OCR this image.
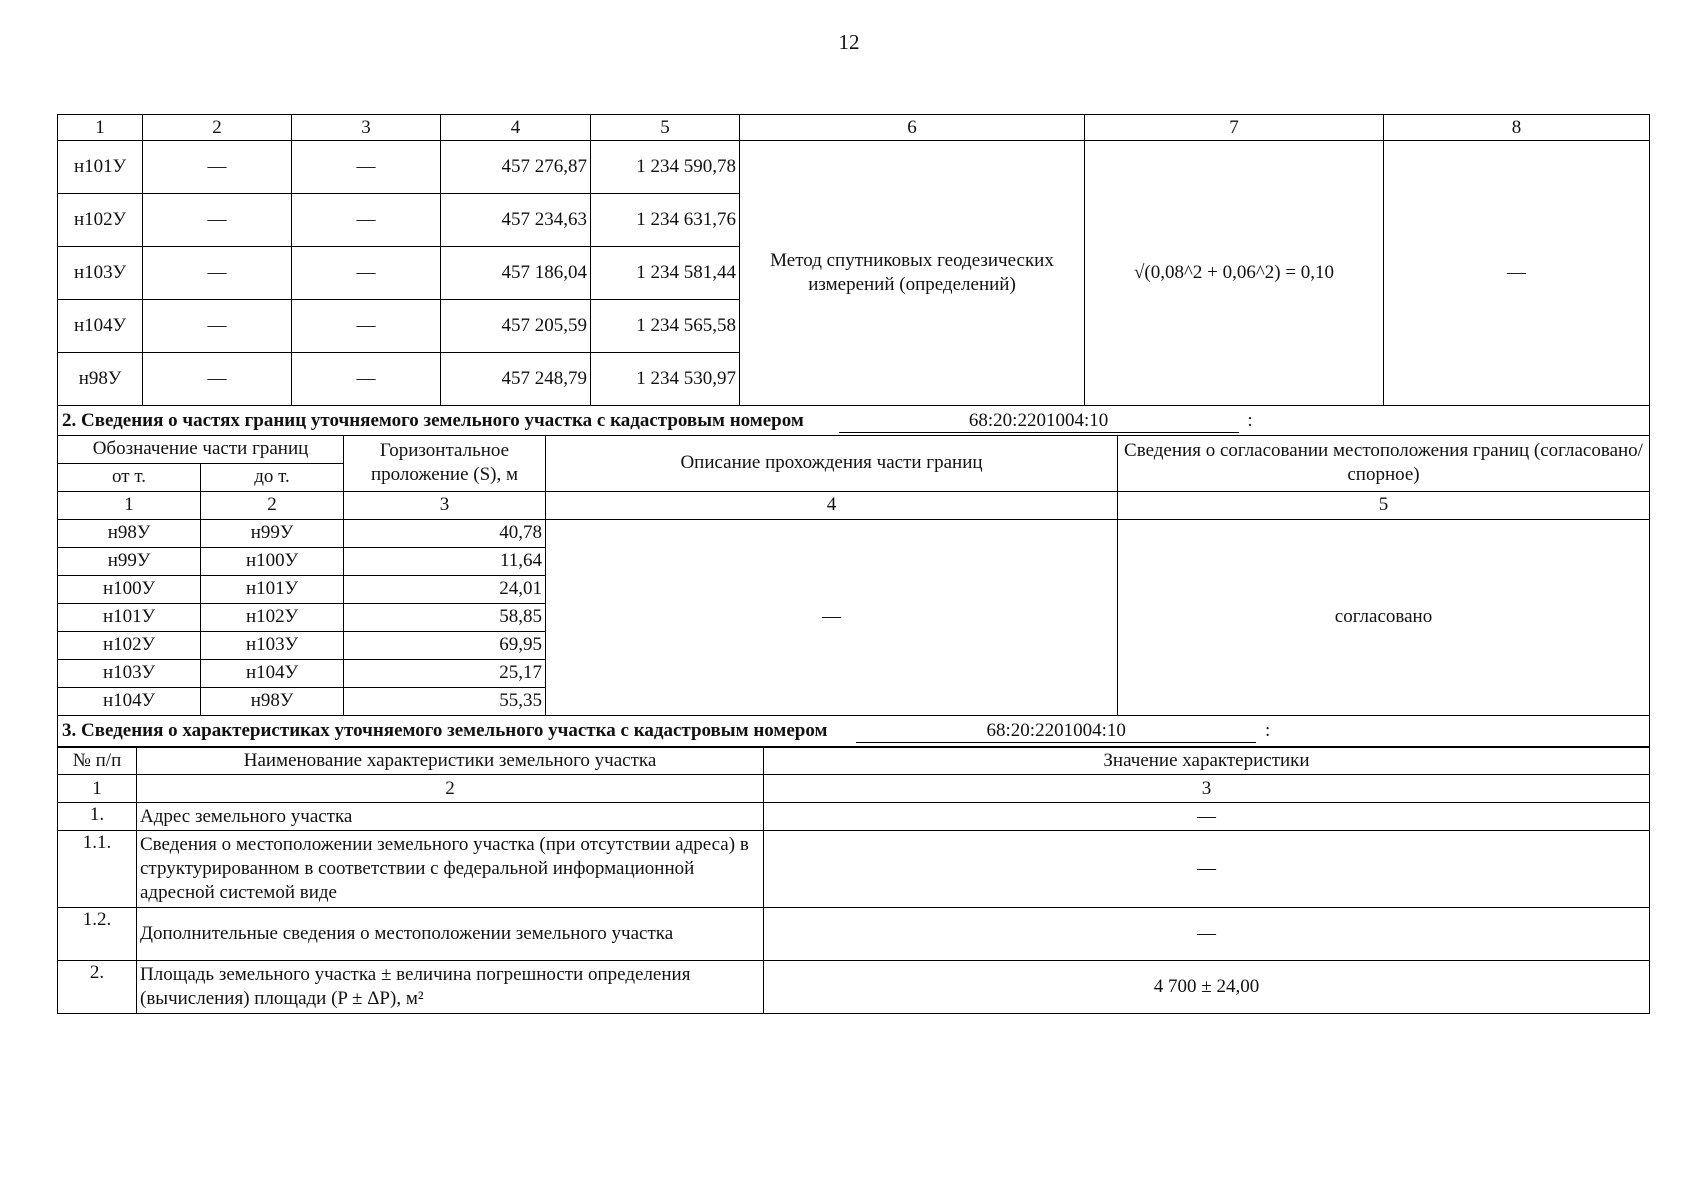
12
1	2	3	4	5	6	7	8
н101У	—	—	457 276,87	1 234 590,78	Метод спутниковых геодезических измерений (определений)	√(0,08^2 + 0,06^2) = 0,10	—
н102У	—	—	457 234,63	1 234 631,76			
н103У	—	—	457 186,04	1 234 581,44			
н104У	—	—	457 205,59	1 234 565,58			
н98У	—	—	457 248,79	1 234 530,97			
2. Сведения о частях границ уточняемого земельного участка с кадастровым номером 68:20:2201004:10 :							
Обозначение части границ		Горизонтальное проложение (S), м	Описание прохождения части границ	Сведения о согласовании местоположения границ (согласовано/спорное)
от т.	до т.			
1	2	3	4	5
н98У	н99У	40,78	—	согласовано
н99У	н100У	11,64		
н100У	н101У	24,01		
н101У	н102У	58,85		
н102У	н103У	69,95		
н103У	н104У	25,17		
н104У	н98У	55,35		
3. Сведения о характеристиках уточняемого земельного участка с кадастровым номером 68:20:2201004:10 :				
№ п/п	Наименование характеристики земельного участка	Значение характеристики
1	2	3
1.	Адрес земельного участка	—
1.1.	Сведения о местоположении земельного участка (при отсутствии адреса) в структурированном в соответствии с федеральной информационной адресной системой виде	—
1.2.	Дополнительные сведения о местоположении земельного участка	—
2.	Площадь земельного участка ± величина погрешности определения (вычисления) площади (P ± ΔP), м²	4 700 ± 24,00
